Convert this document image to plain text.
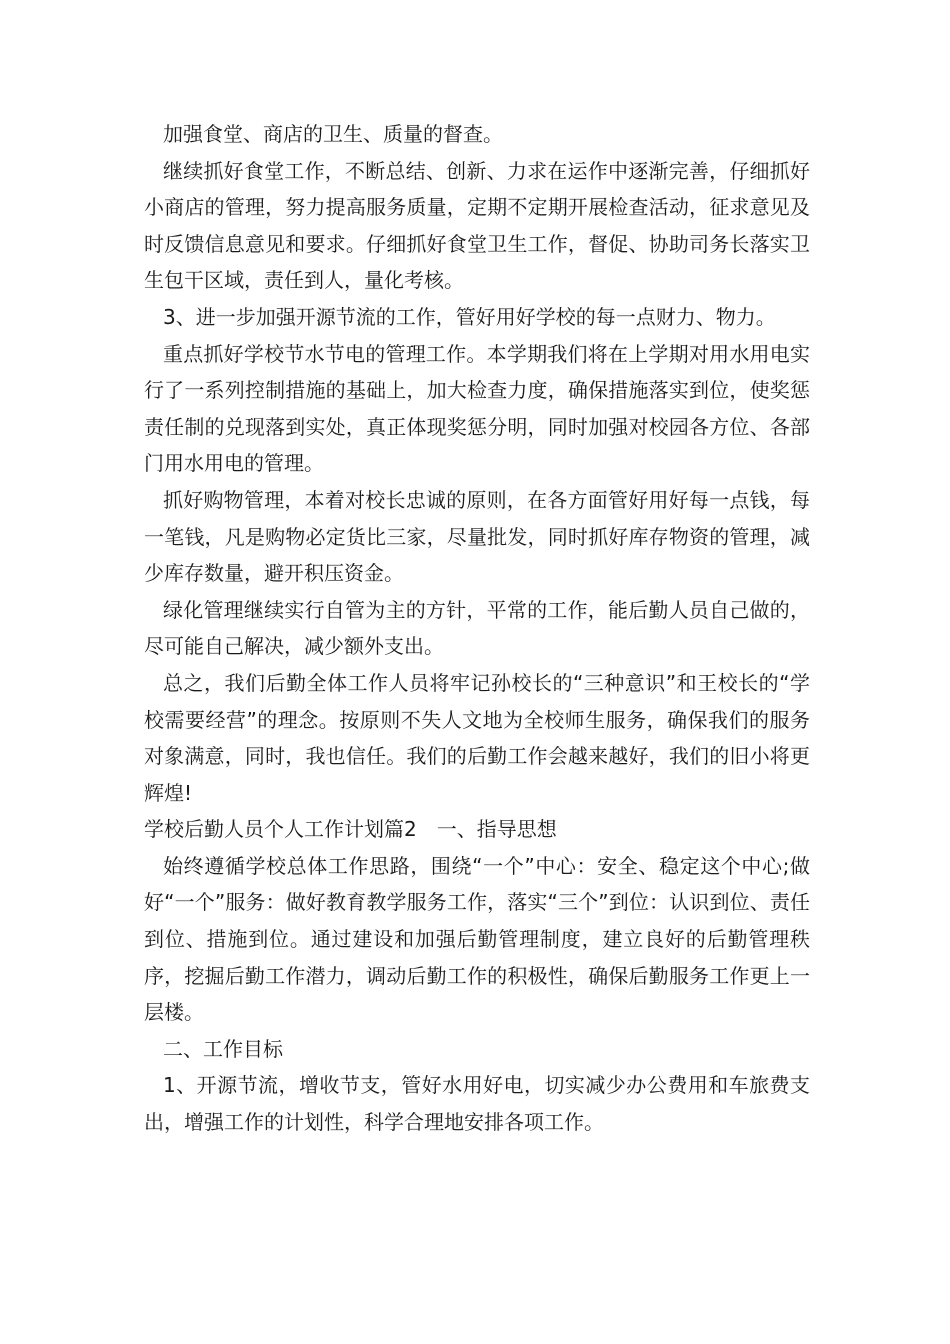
加强食堂、商店的卫生、质量的督查。

继续抓好食堂工作，不断总结、创新、力求在运作中逐渐完善，仔细抓好小商店的管理，努力提高服务质量，定期不定期开展检查活动，征求意见及时反馈信息意见和要求。仔细抓好食堂卫生工作，督促、协助司务长落实卫生包干区域，责任到人，量化考核。

3、进一步加强开源节流的工作，管好用好学校的每一点财力、物力。

重点抓好学校节水节电的管理工作。本学期我们将在上学期对用水用电实行了一系列控制措施的基础上，加大检查力度，确保措施落实到位，使奖惩责任制的兑现落到实处，真正体现奖惩分明，同时加强对校园各方位、各部门用水用电的管理。

抓好购物管理，本着对校长忠诚的原则，在各方面管好用好每一点钱，每一笔钱，凡是购物必定货比三家，尽量批发，同时抓好库存物资的管理，减少库存数量，避开积压资金。

绿化管理继续实行自管为主的方针，平常的工作，能后勤人员自己做的，尽可能自己解决，减少额外支出。

总之，我们后勤全体工作人员将牢记孙校长的“三种意识”和王校长的“学校需要经营”的理念。按原则不失人文地为全校师生服务，确保我们的服务对象满意，同时，我也信任。我们的后勤工作会越来越好，我们的旧小将更辉煌!

学校后勤人员个人工作计划篇2　一、指导思想

始终遵循学校总体工作思路，围绕“一个”中心：安全、稳定这个中心;做好“一个”服务：做好教育教学服务工作，落实“三个”到位：认识到位、责任到位、措施到位。通过建设和加强后勤管理制度，建立良好的后勤管理秩序，挖掘后勤工作潜力，调动后勤工作的积极性，确保后勤服务工作更上一层楼。

二、工作目标

1、开源节流，增收节支，管好水用好电，切实减少办公费用和车旅费支出，增强工作的计划性，科学合理地安排各项工作。
